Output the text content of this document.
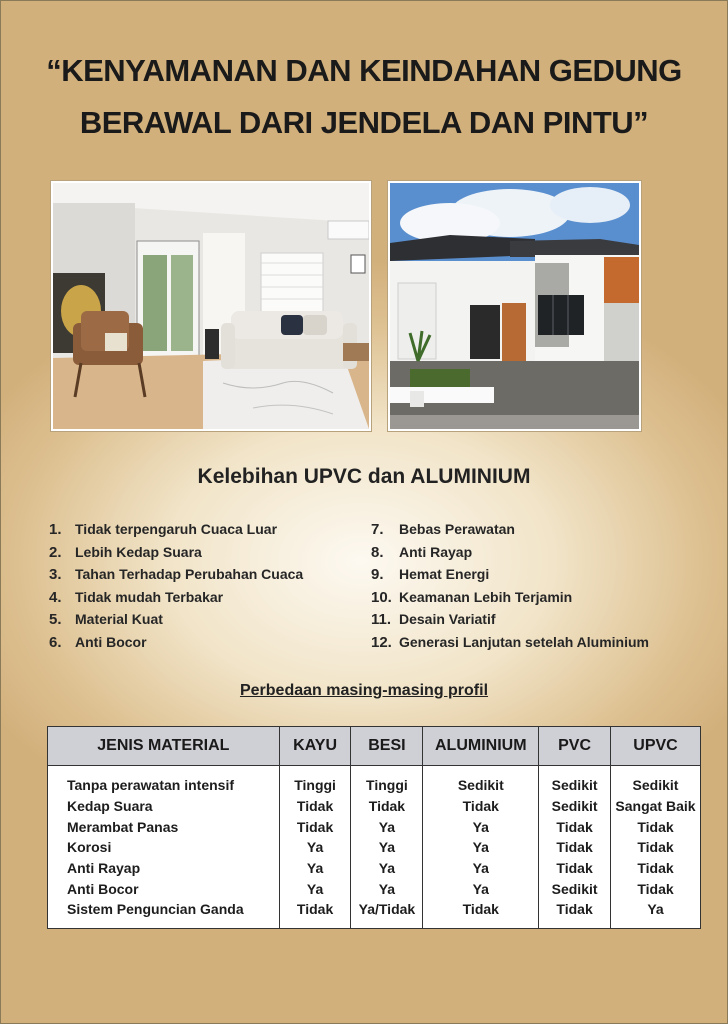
“KENYAMANAN DAN KEINDAHAN GEDUNG
BERAWAL DARI JENDELA DAN PINTU”
Kelebihan UPVC dan ALUMINIUM
1. Tidak terpengaruh Cuaca Luar
2. Lebih Kedap Suara
3. Tahan Terhadap Perubahan Cuaca
4. Tidak mudah Terbakar
5. Material Kuat
6. Anti Bocor
7. Bebas Perawatan
8. Anti Rayap
9. Hemat Energi
10. Keamanan Lebih Terjamin
11. Desain Variatif
12. Generasi Lanjutan setelah Aluminium
Perbedaan masing-masing profil
JENIS MATERIAL	KAYU	BESI	ALUMINIUM	PVC	UPVC
Tanpa perawatan intensif	Tinggi	Tinggi	Sedikit	Sedikit	Sedikit
Kedap Suara	Tidak	Tidak	Tidak	Sedikit	Sangat Baik
Merambat Panas	Tidak	Ya	Ya	Tidak	Tidak
Korosi	Ya	Ya	Ya	Tidak	Tidak
Anti Rayap	Ya	Ya	Ya	Tidak	Tidak
Anti Bocor	Ya	Ya	Ya	Sedikit	Tidak
Sistem Penguncian Ganda	Tidak	Ya/Tidak	Tidak	Tidak	Ya
